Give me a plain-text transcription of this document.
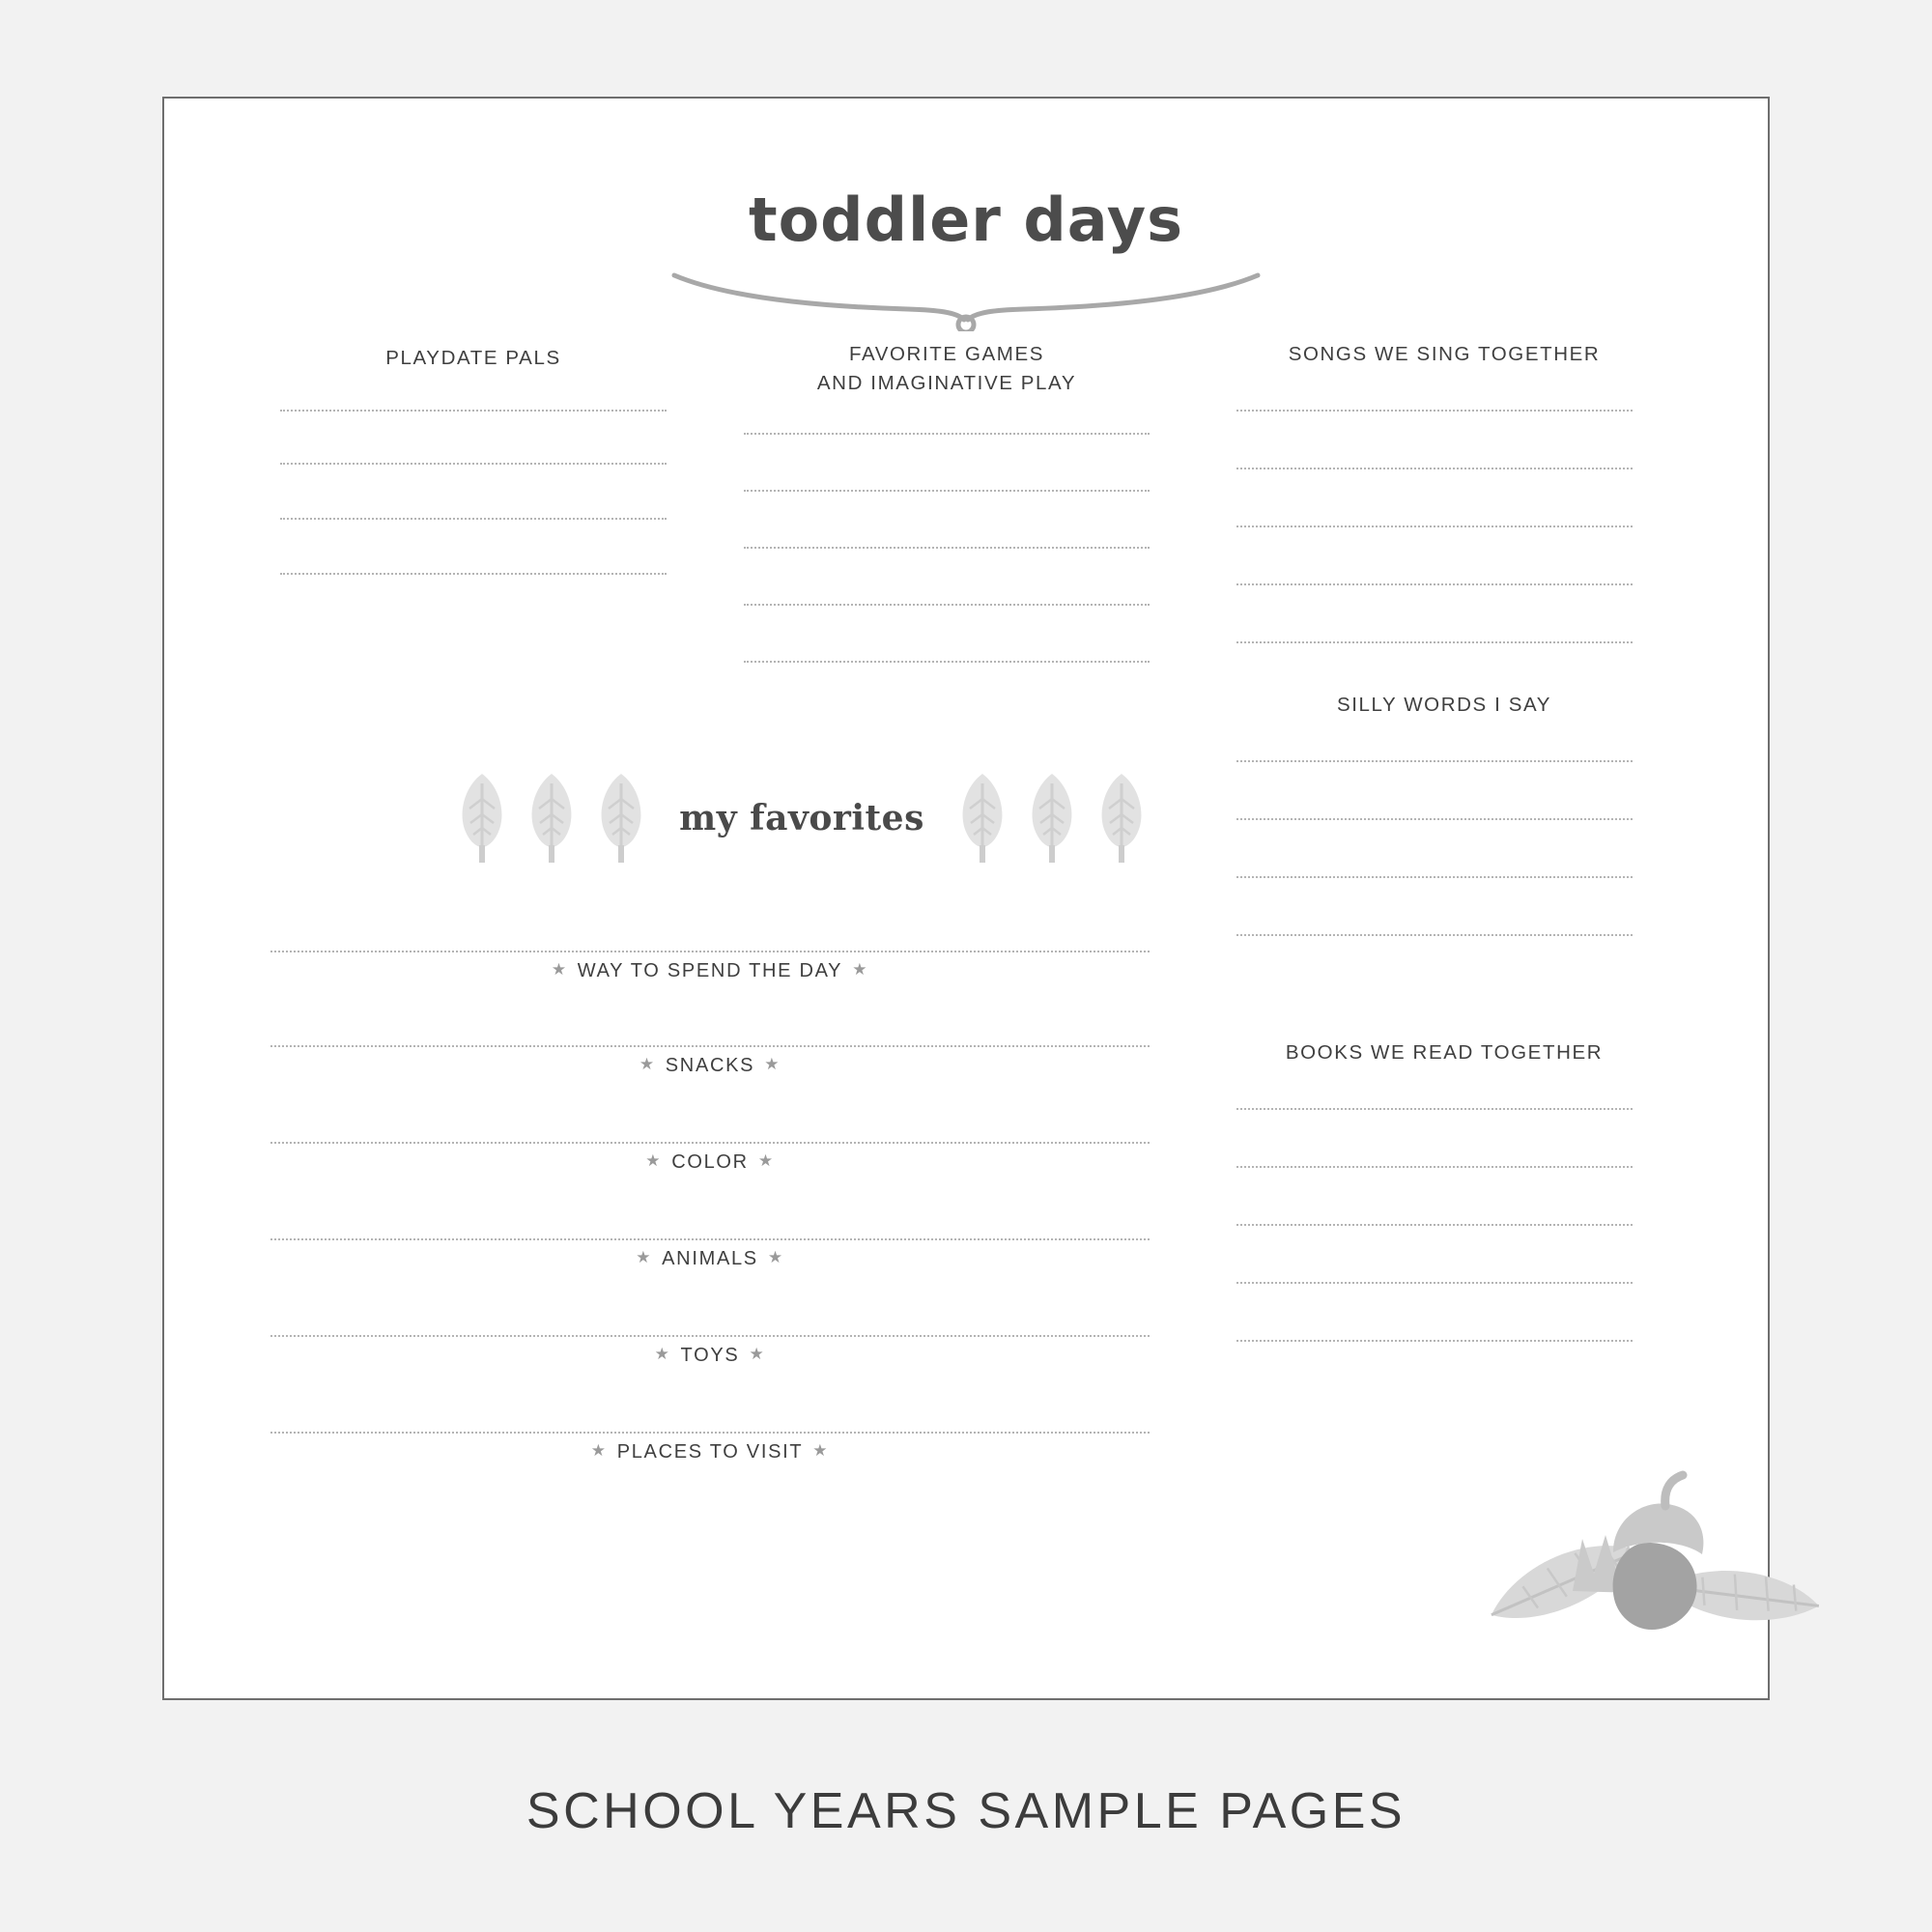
toddler days
PLAYDATE PALS	FAVORITE GAMES
AND IMAGINATIVE PLAY
SONGS WE SING TOGETHER
SILLY WORDS I SAY
BOOKS WE READ TOGETHER
my favorites
★ WAY TO SPEND THE DAY ★
★ SNACKS ★
★ COLOR ★
★ ANIMALS ★
★ TOYS ★
★ PLACES TO VISIT ★
SCHOOL YEARS SAMPLE PAGES
